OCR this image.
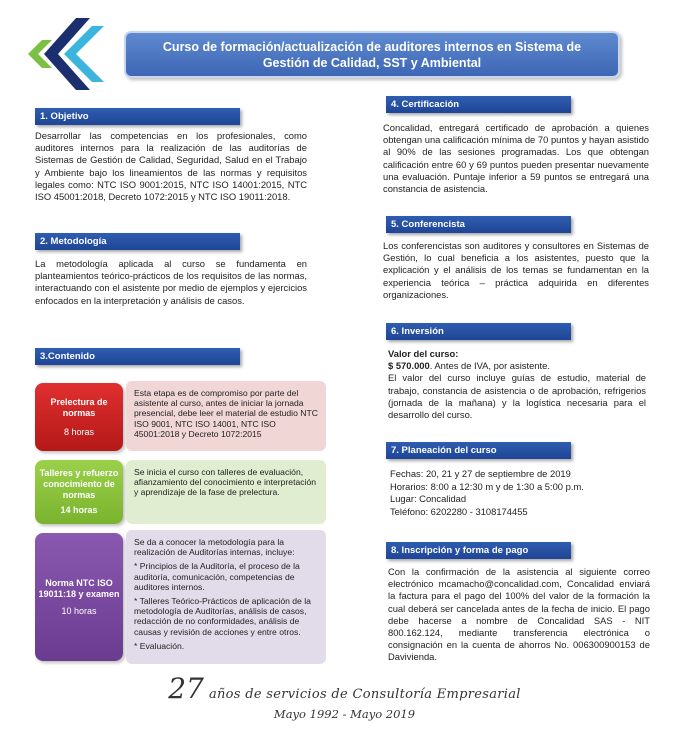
Curso de formación/actualización de auditores internos en Sistema de Gestión de Calidad, SST y Ambiental
1. Objetivo
Desarrollar las competencias en los profesionales, como auditores internos para la realización de las auditorías de Sistemas de Gestión de Calidad, Seguridad, Salud en el Trabajo y Ambiente bajo los lineamientos de las normas y requisitos legales como: NTC ISO 9001:2015, NTC ISO 14001:2015, NTC ISO 45001:2018, Decreto 1072:2015 y NTC ISO 19011:2018.
2. Metodología
La metodología aplicada al curso se fundamenta en planteamientos teórico-prácticos de los requisitos de las normas, interactuando con el asistente por medio de ejemplos y ejercicios enfocados en la interpretación y análisis de casos.
3.Contenido
Prelectura de normas
8 horas
Esta etapa es de compromiso por parte del asistente al curso, antes de iniciar la jornada presencial, debe leer el material de estudio NTC ISO 9001, NTC ISO 14001, NTC ISO 45001:2018 y Decreto 1072:2015
Talleres y refuerzo conocimiento de normas
14 horas
Se inicia el curso con talleres de evaluación, afianzamiento del conocimiento e interpretación y aprendizaje de la fase de prelectura.
Norma NTC ISO 19011:18 y examen
10 horas

Se da a conocer la metodología para la realización de Auditorías internas, incluye:

* Principios de la Auditoría, el proceso de la auditoría, comunicación, competencias de auditores internos.

* Talleres Teórico-Prácticos de aplicación de la metodología de Auditorías, análisis de casos, redacción de no conformidades, análisis de causas y revisión de acciones y entre otros.

* Evaluación.

4. Certificación
Concalidad, entregará certificado de aprobación a quienes obtengan una calificación mínima de 70 puntos y hayan asistido al 90% de las sesiones programadas. Los que obtengan calificación entre 60 y 69 puntos pueden presentar nuevamente una evaluación. Puntaje inferior a 59 puntos se entregará una constancia de asistencia.
5. Conferencista
Los conferencistas son auditores y consultores en Sistemas de Gestión, lo cual beneficia a los asistentes, puesto que la explicación y el análisis de los temas se fundamentan en la experiencia teórica – práctica adquirida en diferentes organizaciones.
6. Inversión
Valor del curso:
$ 570.000. Antes de IVA, por asistente.
El valor del curso incluye guías de estudio, material de trabajo, constancia de asistencia o de aprobación, refrigerios (jornada de la mañana) y la logística necesaria para el desarrollo del curso.
7. Planeación del curso
Fechas: 20, 21 y 27 de septiembre de 2019
Horarios: 8:00 a 12:30 m y de 1:30 a 5:00 p.m.
Lugar: Concalidad
Teléfono: 6202280 - 3108174455
8. Inscripción y forma de pago
Con la confirmación de la asistencia al siguiente correo electrónico mcamacho@concalidad.com, Concalidad enviará la factura para el pago del 100% del valor de la formación la cual deberá ser cancelada antes de la fecha de inicio. El pago debe hacerse a nombre de Concalidad SAS - NIT 800.162.124, mediante transferencia electrónica o consignación en la cuenta de ahorros No. 006300900153 de Davivienda.
27 años de servicios de Consultoría Empresarial
Mayo 1992 - Mayo 2019
